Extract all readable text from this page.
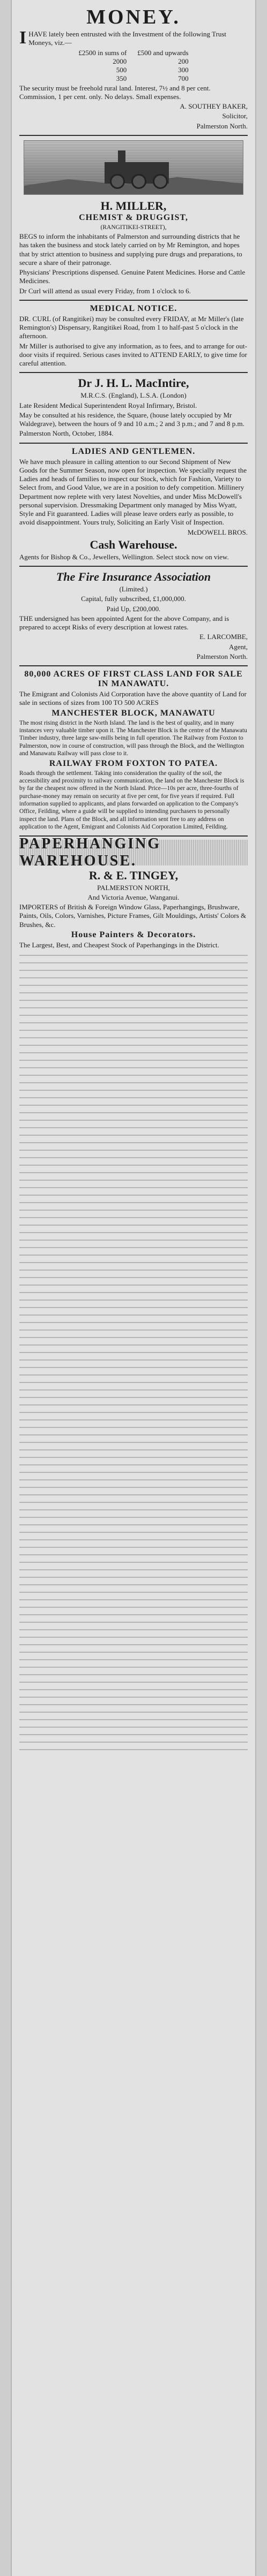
MONEY.

IHAVE lately been entrusted with the Investment of the following Trust Moneys, viz.—

£2500 in sums of	£500 and upwards
2000	200
500	300
350	700

The security must be freehold rural land. Interest, 7½ and 8 per cent. Commission, 1 per cent. only. No delays. Small expenses.

A. SOUTHEY BAKER,

Solicitor,

Palmerston North.

H. MILLER,
CHEMIST & DRUGGIST,

(RANGITIKEI-STREET),

BEGS to inform the inhabitants of Palmerston and surrounding districts that he has taken the business and stock lately carried on by Mr Remington, and hopes that by strict attention to business and supplying pure drugs and preparations, to secure a share of their patronage.

Physicians' Prescriptions dispensed. Genuine Patent Medicines. Horse and Cattle Medicines.

Dr Curl will attend as usual every Friday, from 1 o'clock to 6.

MEDICAL NOTICE.

DR. CURL (of Rangitikei) may be consulted every FRIDAY, at Mr Miller's (late Remington's) Dispensary, Rangitikei Road, from 1 to half-past 5 o'clock in the afternoon.

Mr Miller is authorised to give any information, as to fees, and to arrange for out-door visits if required. Serious cases invited to ATTEND EARLY, to give time for careful attention.

Dr J. H. L. MacIntire,

M.R.C.S. (England), L.S.A. (London)

Late Resident Medical Superintendent Royal Infirmary, Bristol.

May be consulted at his residence, the Square, (house lately occupied by Mr Waldegrave), between the hours of 9 and 10 a.m.; 2 and 3 p.m.; and 7 and 8 p.m.

Palmerston North, October, 1884.

LADIES AND GENTLEMEN.

We have much pleasure in calling attention to our Second Shipment of New Goods for the Summer Season, now open for inspection. We specially request the Ladies and heads of families to inspect our Stock, which for Fashion, Variety to Select from, and Good Value, we are in a position to defy competition. Millinery Department now replete with very latest Novelties, and under Miss McDowell's personal supervision. Dressmaking Department only managed by Miss Wyatt, Style and Fit guaranteed. Ladies will please leave orders early as possible, to avoid disappointment. Yours truly, Soliciting an Early Visit of Inspection.

McDOWELL BROS.

Cash Warehouse.

Agents for Bishop & Co., Jewellers, Wellington. Select stock now on view.

The Fire Insurance Association

(Limited.)

Capital, fully subscribed, £1,000,000.

Paid Up, £200,000.

THE undersigned has been appointed Agent for the above Company, and is prepared to accept Risks of every description at lowest rates.

E. LARCOMBE,

Agent,

Palmerston North.

80,000 ACRES OF FIRST CLASS LAND FOR SALE IN MANAWATU.

The Emigrant and Colonists Aid Corporation have the above quantity of Land for sale in sections of sizes from 100 TO 500 ACRES

MANCHESTER BLOCK, MANAWATU

The most rising district in the North Island. The land is the best of quality, and in many instances very valuable timber upon it. The Manchester Block is the centre of the Manawatu Timber industry, three large saw-mills being in full operation. The Railway from Foxton to Palmerston, now in course of construction, will pass through the Block, and the Wellington and Manawatu Railway will pass close to it.

RAILWAY FROM FOXTON TO PATEA.

Roads through the settlement. Taking into consideration the quality of the soil, the accessibility and proximity to railway communication, the land on the Manchester Block is by far the cheapest now offered in the North Island. Price—10s per acre, three-fourths of purchase-money may remain on security at five per cent, for five years if required. Full information supplied to applicants, and plans forwarded on application to the Company's Office, Feilding, where a guide will be supplied to intending purchasers to personally inspect the land. Plans of the Block, and all information sent free to any address on application to the Agent, Emigrant and Colonists Aid Corporation Limited, Feilding.

PAPERHANGING WAREHOUSE.
R. & E. TINGEY,

PALMERSTON NORTH,

And Victoria Avenue, Wanganui.

IMPORTERS of British & Foreign Window Glass, Paperhangings, Brushware, Paints, Oils, Colors, Varnishes, Picture Frames, Gilt Mouldings, Artists' Colors & Brushes, &c.

House Painters & Decorators.

The Largest, Best, and Cheapest Stock of Paperhangings in the District.
